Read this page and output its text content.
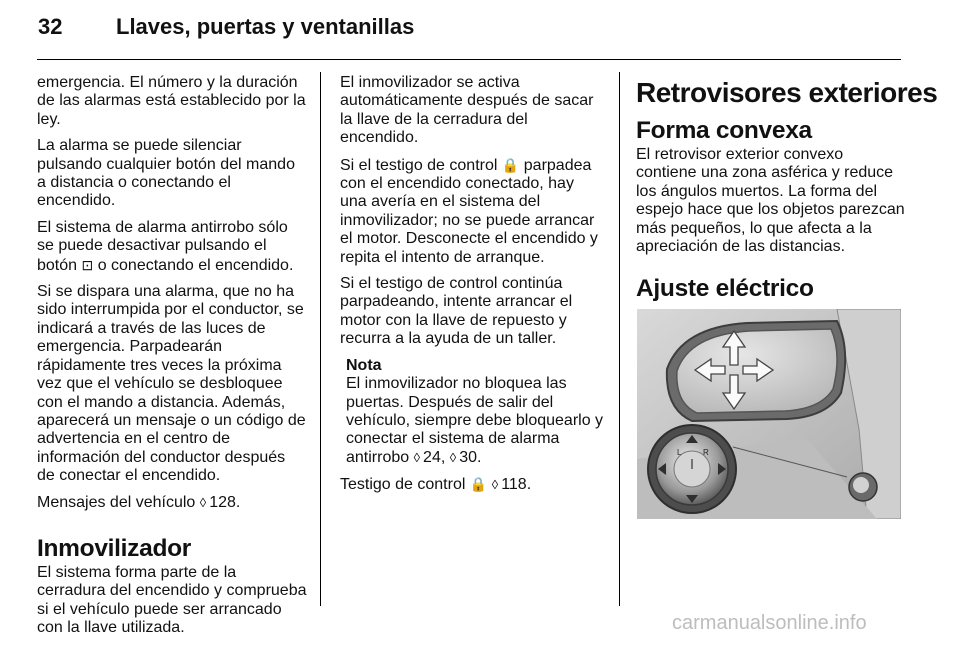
32 Llaves, puertas y ventanillas

emergencia. El número y la duración de las alarmas está establecido por la ley.

La alarma se puede silenciar pulsando cualquier botón del mando a distancia o conectando el encendido.

El sistema de alarma antirrobo sólo se puede desactivar pulsando el botón ⊡ o conectando el encendido.

Si se dispara una alarma, que no ha sido interrumpida por el conductor, se indicará a través de las luces de emergencia. Parpadearán rápidamente tres veces la próxima vez que el vehículo se desbloquee con el mando a distancia. Además, aparecerá un mensaje o un código de advertencia en el centro de información del conductor después de conectar el encendido.

Mensajes del vehículo ◊ 128.

Inmovilizador

El sistema forma parte de la cerradura del encendido y comprueba si el vehículo puede ser arrancado con la llave utilizada.

El inmovilizador se activa automáticamente después de sacar la llave de la cerradura del encendido.

Si el testigo de control 🔒 parpadea con el encendido conectado, hay una avería en el sistema del inmovilizador; no se puede arrancar el motor. Desconecte el encendido y repita el intento de arranque.

Si el testigo de control continúa parpadeando, intente arrancar el motor con la llave de repuesto y recurra a la ayuda de un taller.

Nota

El inmovilizador no bloquea las puertas. Después de salir del vehículo, siempre debe bloquearlo y conectar el sistema de alarma antirrobo ◊ 24, ◊ 30.

Testigo de control 🔒 ◊ 118.

Retrovisores exteriores
Forma convexa

El retrovisor exterior convexo contiene una zona asférica y reduce los ángulos muertos. La forma del espejo hace que los objetos parezcan más pequeños, lo que afecta a la apreciación de las distancias.

Ajuste eléctrico
L	R
carmanualsonline.info
